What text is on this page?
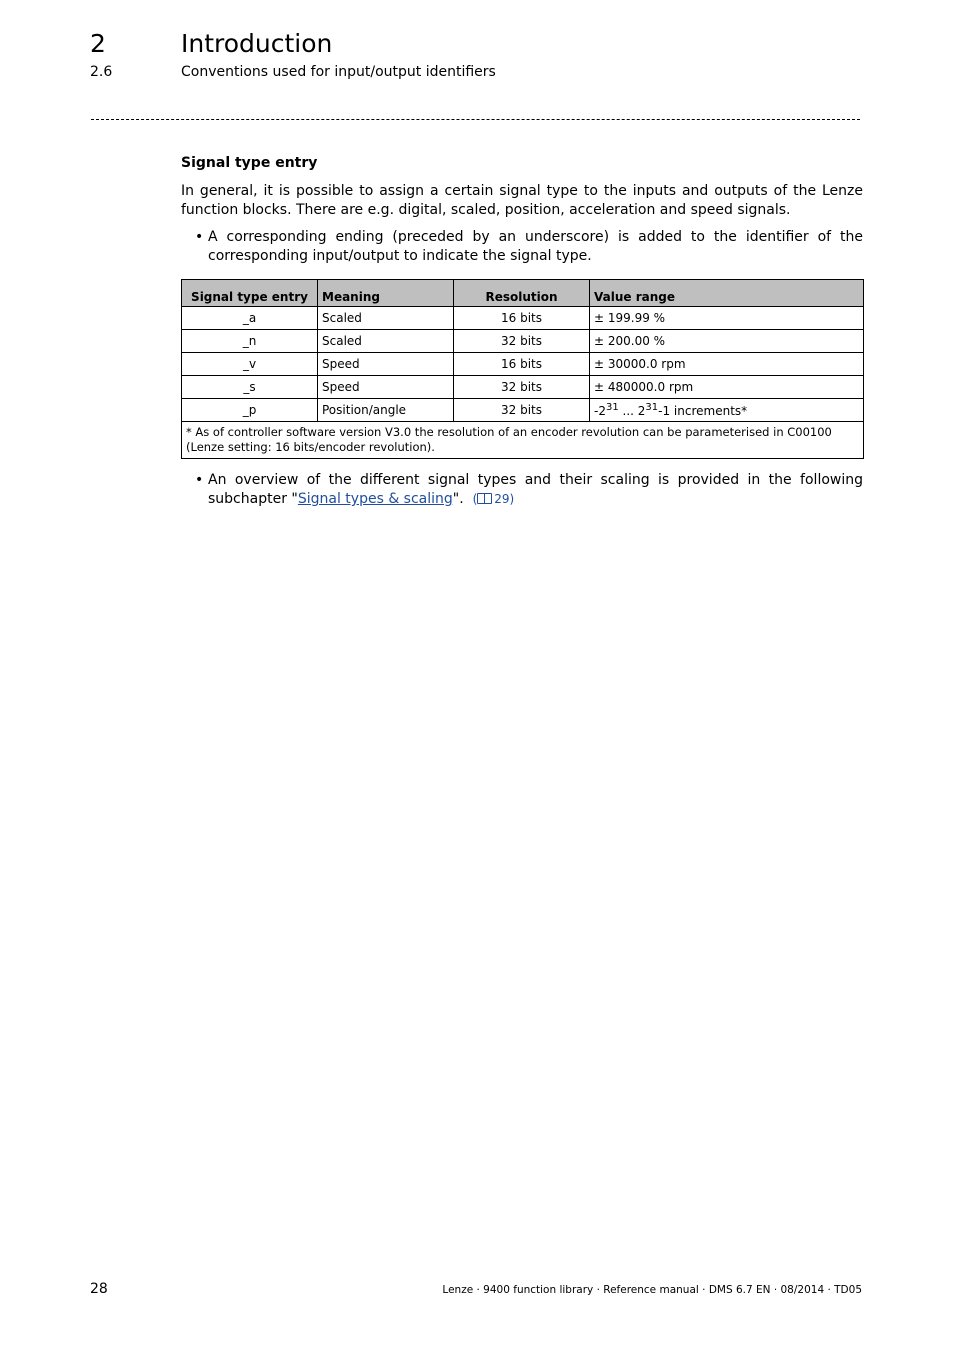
2	Introduction
2.6	Conventions used for input/output identifiers

Signal type entry

In general, it is possible to assign a certain signal type to the inputs and outputs of the Lenze function blocks. There are e.g. digital, scaled, position, acceleration and speed signals.

• A corresponding ending (preceded by an underscore) is added to the identifier of the corresponding input/output to indicate the signal type.
Signal type entry	Meaning	Resolution	Value range
_a	Scaled	16 bits	± 199.99 %
_n	Scaled	32 bits	± 200.00 %
_v	Speed	16 bits	± 30000.0 rpm
_s	Speed	32 bits	± 480000.0 rpm
_p	Position/angle	32 bits	$-2^{31}$ ... $2^{31}-1$ increments*

* As of controller software version V3.0 the resolution of an encoder revolution can be parameterised in C00100
(Lenze setting: 16 bits/encoder revolution).			
• An overview of the different signal types and their scaling is provided in the following subchapter "Signal types & scaling". ( 29)
28	Lenze · 9400 function library · Reference manual · DMS 6.7 EN · 08/2014 · TD05
